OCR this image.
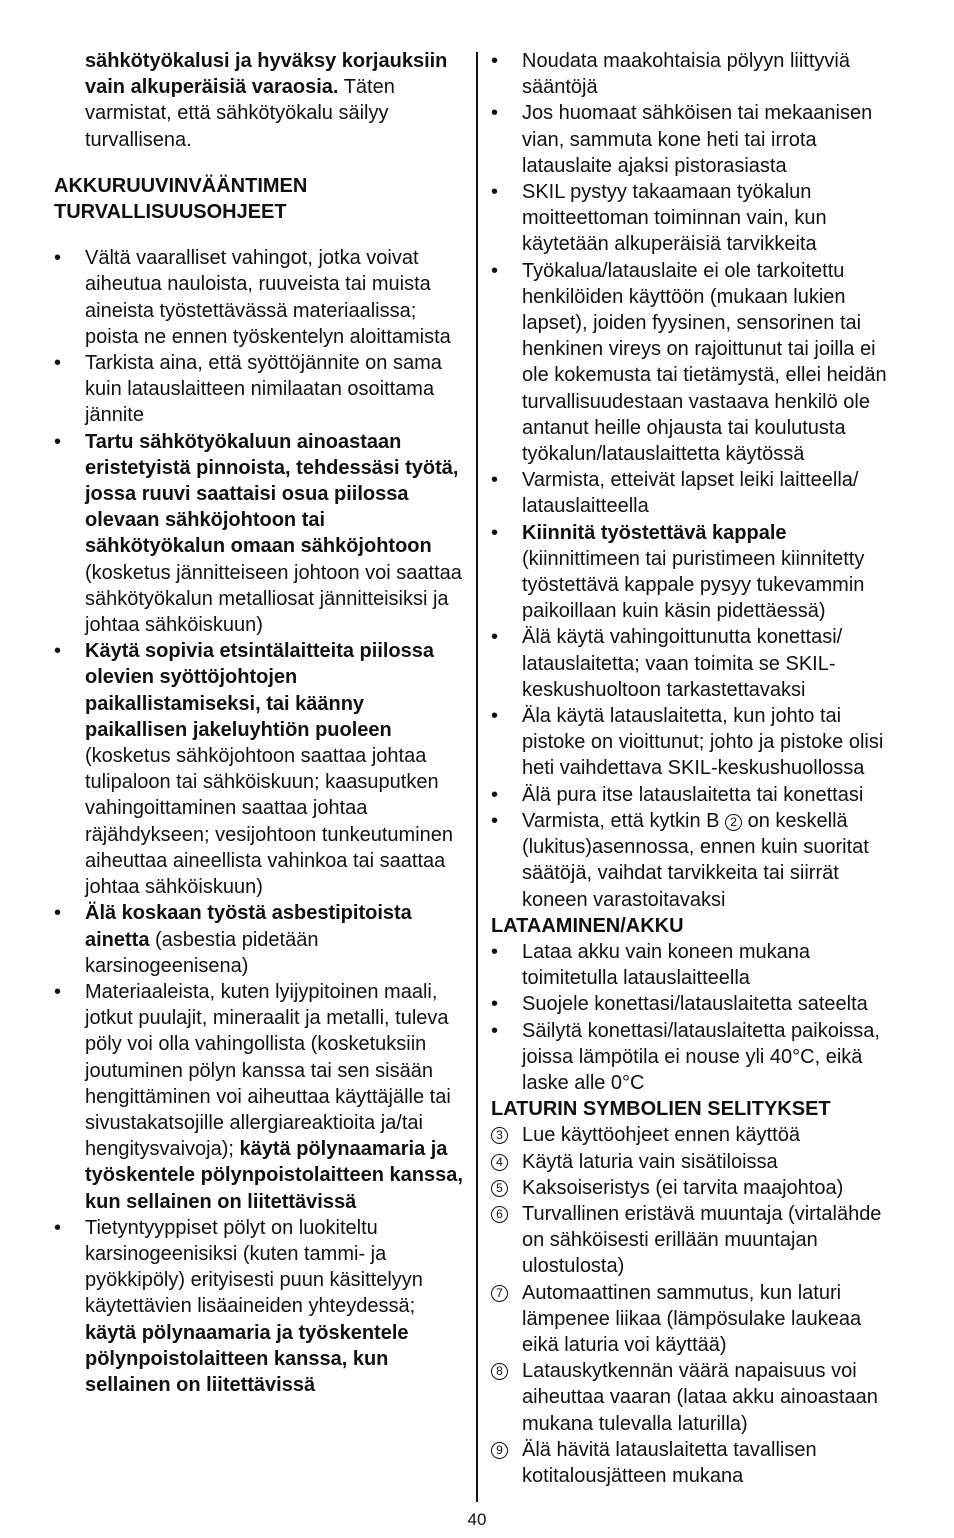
sähkötyökalusi ja hyväksy korjauksiin vain alkuperäisiä varaosia. Täten varmistat, että sähkötyökalu säilyy turvallisena.

AKKURUUVINVÄÄNTIMEN TURVALLISUUSOHJEET

•	Vältä vaaralliset vahingot, jotka voivat aiheutua nauloista, ruuveista tai muista aineista työstettävässä materiaalissa; poista ne ennen työskentelyn aloittamista
•	Tarkista aina, että syöttöjännite on sama kuin latauslaitteen nimilaatan osoittama jännite
•	Tartu sähkötyökaluun ainoastaan eristetyistä pinnoista, tehdessäsi työtä, jossa ruuvi saattaisi osua piilossa olevaan sähköjohtoon tai sähkötyökalun omaan sähköjohtoon (kosketus jännitteiseen johtoon voi saattaa sähkötyökalun metalliosat jännitteisiksi ja johtaa sähköiskuun)
•	Käytä sopivia etsintälaitteita piilossa olevien syöttöjohtojen paikallistamiseksi, tai käänny paikallisen jakeluyhtiön puoleen (kosketus sähköjohtoon saattaa johtaa tulipaloon tai sähköiskuun; kaasuputken vahingoittaminen saattaa johtaa räjähdykseen; vesijohtoon tunkeutuminen aiheuttaa aineellista vahinkoa tai saattaa johtaa sähköiskuun)
•	Älä koskaan työstä asbestipitoista ainetta (asbestia pidetään karsinogeenisena)
•	Materiaaleista, kuten lyijypitoinen maali, jotkut puulajit, mineraalit ja metalli, tuleva pöly voi olla vahingollista (kosketuksiin joutuminen pölyn kanssa tai sen sisään hengittäminen voi aiheuttaa käyttäjälle tai sivustakatsojille allergiareaktioita ja/tai hengitysvaivoja); käytä pölynaamaria ja työskentele pölynpoistolaitteen kanssa, kun sellainen on liitettävissä
•	Tietyntyyppiset pölyt on luokiteltu karsinogeenisiksi (kuten tammi- ja pyökkipöly) erityisesti puun käsittelyyn käytettävien lisäaineiden yhteydessä; käytä pölynaamaria ja työskentele pölynpoistolaitteen kanssa, kun sellainen on liitettävissä
•	Noudata maakohtaisia pölyyn liittyviä sääntöjä
•	Jos huomaat sähköisen tai mekaanisen vian, sammuta kone heti tai irrota latauslaite ajaksi pistorasiasta
•	SKIL pystyy takaamaan työkalun moitteettoman toiminnan vain, kun käytetään alkuperäisiä tarvikkeita
•	Työkalua/latauslaite ei ole tarkoitettu henkilöiden käyttöön (mukaan lukien lapset), joiden fyysinen, sensorinen tai henkinen vireys on rajoittunut tai joilla ei ole kokemusta tai tietämystä, ellei heidän turvallisuudestaan vastaava henkilö ole antanut heille ohjausta tai koulutusta työkalun/latauslaittetta käytössä
•	Varmista, etteivät lapset leiki laitteella/ latauslaitteella
•	Kiinnitä työstettävä kappale (kiinnittimeen tai puristimeen kiinnitetty työstettävä kappale pysyy tukevammin paikoillaan kuin käsin pidettäessä)
•	Älä käytä vahingoittunutta konettasi/ latauslaitetta; vaan toimita se SKIL-keskushuoltoon tarkastettavaksi
•	Äla käytä latauslaitetta, kun johto tai pistoke on vioittunut; johto ja pistoke olisi heti vaihdettava SKIL-keskushuollossa
•	Älä pura itse latauslaitetta tai konettasi
•	Varmista, että kytkin B 2 on keskellä (lukitus)asennossa, ennen kuin suoritat säätöjä, vaihdat tarvikkeita tai siirrät koneen varastoitavaksi

LATAAMINEN/AKKU

•	Lataa akku vain koneen mukana toimitetulla latauslaitteella
•	Suojele konettasi/latauslaitetta sateelta
•	Säilytä konettasi/latauslaitetta paikoissa, joissa lämpötila ei nouse yli 40°C, eikä laske alle 0°C

LATURIN SYMBOLIEN SELITYKSET

3 Lue käyttöohjeet ennen käyttöä
4 Käytä laturia vain sisätiloissa
5 Kaksoiseristys (ei tarvita maajohtoa)
6 Turvallinen eristävä muuntaja (virtalähde on sähköisesti erillään muuntajan ulostulosta)
7 Automaattinen sammutus, kun laturi lämpenee liikaa (lämpösulake laukeaa eikä laturia voi käyttää)
8 Latauskytkennän väärä napaisuus voi aiheuttaa vaaran (lataa akku ainoastaan mukana tulevalla laturilla)
9 Älä hävitä latauslaitetta tavallisen kotitalousjätteen mukana
40
